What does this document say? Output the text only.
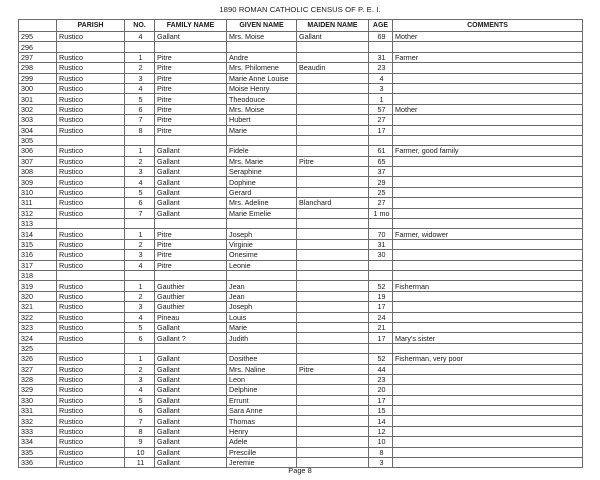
1890 ROMAN CATHOLIC CENSUS OF P. E. I.
	PARISH	NO.	FAMILY NAME	GIVEN NAME	MAIDEN NAME	AGE	COMMENTS
295	Rustico	4	Gallant	Mrs. Moise	Gallant	69	Mother
296							
297	Rustico	1	Pitre	Andre		31	Farmer
298	Rustico	2	Pitre	Mrs. Philomene	Beaudin	23	
299	Rustico	3	Pitre	Marie Anne Louise		4	
300	Rustico	4	Pitre	Moise Henry		3	
301	Rustico	5	Pitre	Theodouce		1	
302	Rustico	6	Pitre	Mrs. Moise		57	Mother
303	Rustico	7	Pitre	Hubert		27	
304	Rustico	8	Pitre	Marie		17	
305							
306	Rustico	1	Gallant	Fidele		61	Farmer, good family
307	Rustico	2	Gallant	Mrs. Marie	Pitre	65	
308	Rustico	3	Gallant	Seraphine		37	
309	Rustico	4	Gallant	Dophine		29	
310	Rustico	5	Gallant	Gerard		25	
311	Rustico	6	Gallant	Mrs. Adeline	Blanchard	27	
312	Rustico	7	Gallant	Marie Emelie		1 mo	
313							
314	Rustico	1	Pitre	Joseph		70	Farmer, widower
315	Rustico	2	Pitre	Virginie		31	
316	Rustico	3	Pitre	Onesime		30	
317	Rustico	4	Pitre	Leonie			
318							
319	Rustico	1	Gauthier	Jean		52	Fisherman
320	Rustico	2	Gauthier	Jean		19	
321	Rustico	3	Gauthier	Joseph		17	
322	Rustico	4	Pineau	Louis		24	
323	Rustico	5	Gallant	Marie		21	
324	Rustico	6	Gallant ?	Judith		17	Mary's sister
325							
326	Rustico	1	Gallant	Dosithee		52	Fisherman, very poor
327	Rustico	2	Gallant	Mrs. Naline	Pitre	44	
328	Rustico	3	Gallant	Leon		23	
329	Rustico	4	Gallant	Delphine		20	
330	Rustico	5	Gallant	Errunt		17	
331	Rustico	6	Gallant	Sara Anne		15	
332	Rustico	7	Gallant	Thomas		14	
333	Rustico	8	Gallant	Henry		12	
334	Rustico	9	Gallant	Adele		10	
335	Rustico	10	Gallant	Prescille		8	
336	Rustico	11	Gallant	Jeremie		3	
Page 8
